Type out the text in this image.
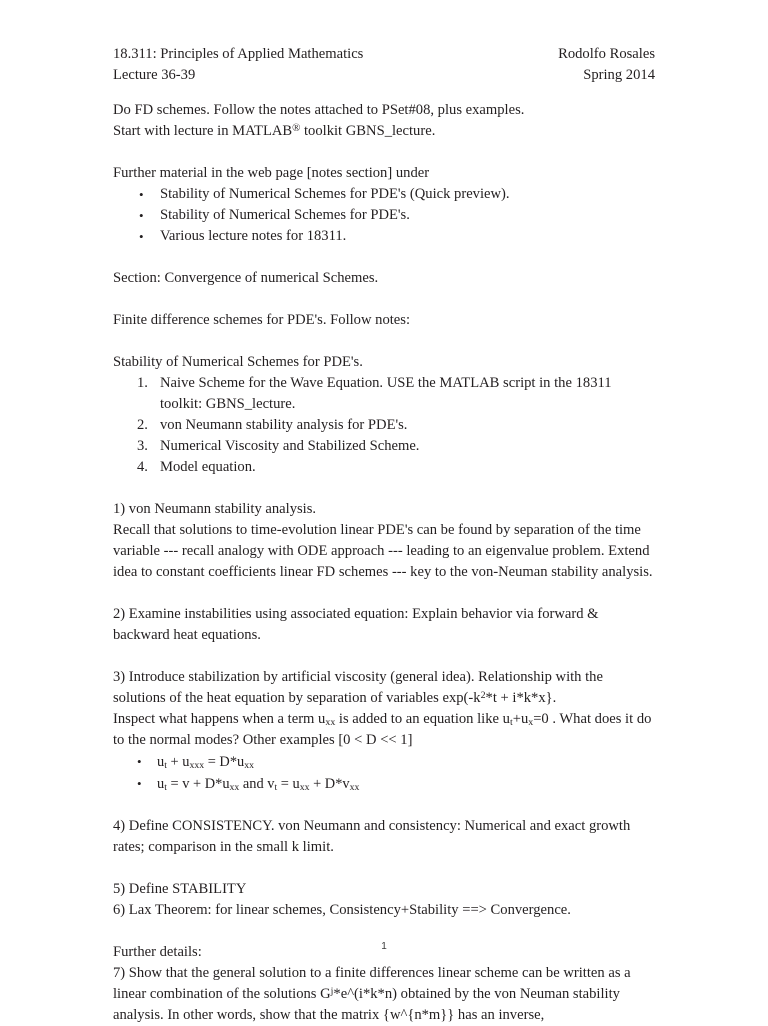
18.311: Principles of Applied Mathematics	Rodolfo Rosales
Lecture 36-39	Spring 2014

Do FD schemes. Follow the notes attached to PSet#08, plus examples.

Start with lecture in MATLAB® toolkit GBNS_lecture.

Further material in the web page [notes section] under

• Stability of Numerical Schemes for PDE's (Quick preview).
• Stability of Numerical Schemes for PDE's.
• Various lecture notes for 18311.

Section: Convergence of numerical Schemes.

Finite difference schemes for PDE's. Follow notes:

Stability of Numerical Schemes for PDE's.

1. Naive Scheme for the Wave Equation. USE the MATLAB script in the 18311 toolkit: GBNS_lecture.
2. von Neumann stability analysis for PDE's.
3. Numerical Viscosity and Stabilized Scheme.
4. Model equation.

1) von Neumann stability analysis.

Recall that solutions to time-evolution linear PDE's can be found by separation of the time variable --- recall analogy with ODE approach --- leading to an eigenvalue problem. Extend idea to constant coefficients linear FD schemes --- key to the von-Neuman stability analysis.

2) Examine instabilities using associated equation: Explain behavior via forward & backward heat equations.

3) Introduce stabilization by artificial viscosity (general idea). Relationship with the solutions of the heat equation by separation of variables $\exp(-k^2*t + i*k*x\}$.

Inspect what happens when a term $u_{xx}$ is added to an equation like $u_t+u_x=0$ . What does it do to the normal modes? Other examples [0 < D << 1]

• $u_t + u_{xxx} = D*u_{xx}$
• $u_t = v + D*u_{xx}$ and $v_t = u_{xx} + D*v_{xx}$

4) Define CONSISTENCY. von Neumann and consistency: Numerical and exact growth rates; comparison in the small k limit.

5) Define STABILITY

6) Lax Theorem: for linear schemes, Consistency+Stability ==> Convergence.

Further details:

7) Show that the general solution to a finite differences linear scheme can be written as a linear combination of the solutions $G^j*e\^{}(i*k*n)$ obtained by the von Neuman stability analysis. In other words, show that the matrix {w^{n*m}} has an inverse,

1
